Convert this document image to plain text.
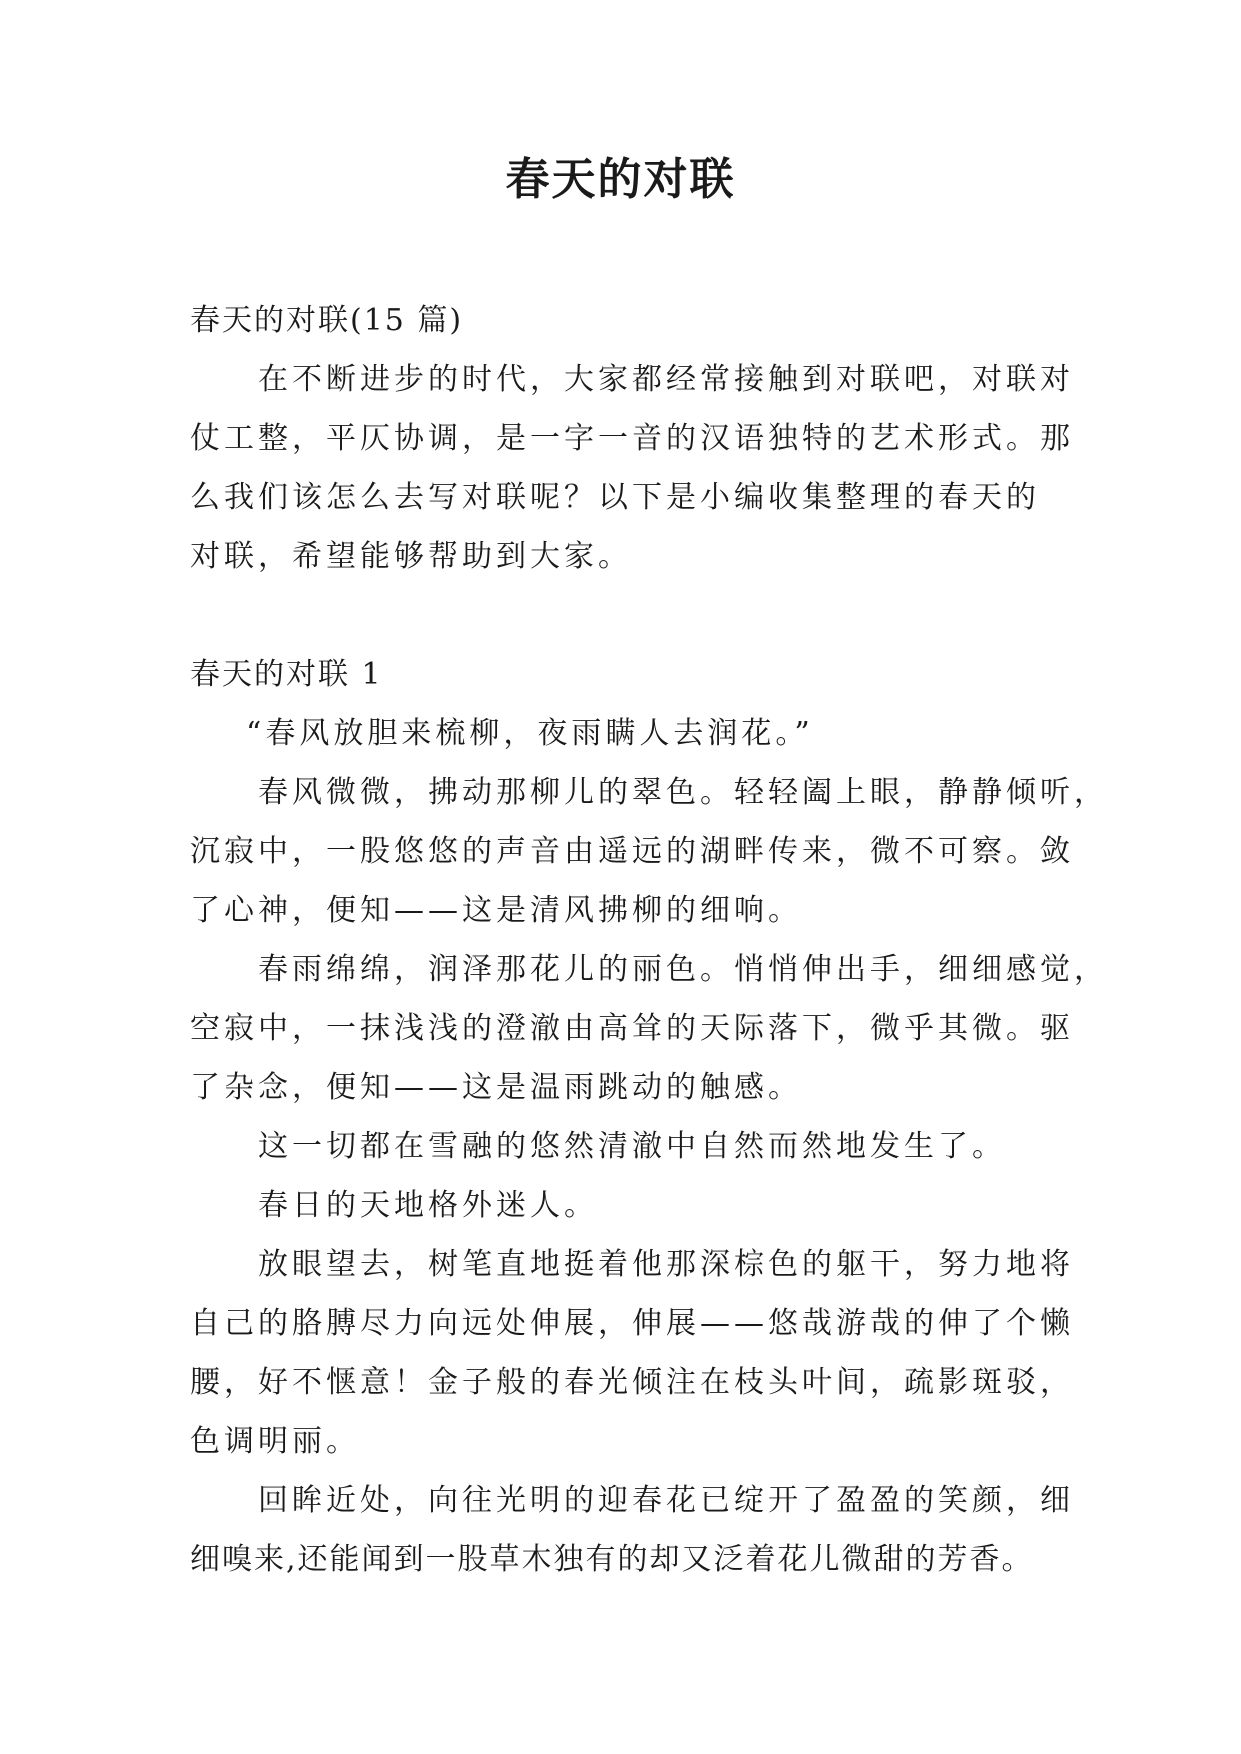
春天的对联
春天的对联(15 篇)
在不断进步的时代，大家都经常接触到对联吧，对联对
仗工整，平仄协调，是一字一音的汉语独特的艺术形式。那
么我们该怎么去写对联呢？以下是小编收集整理的春天的
对联，希望能够帮助到大家。
春天的对联 1
“春风放胆来梳柳，夜雨瞒人去润花。”
春风微微，拂动那柳儿的翠色。轻轻阖上眼，静静倾听，
沉寂中，一股悠悠的声音由遥远的湖畔传来，微不可察。敛
了心神，便知——这是清风拂柳的细响。
春雨绵绵，润泽那花儿的丽色。悄悄伸出手，细细感觉，
空寂中，一抹浅浅的澄澈由高耸的天际落下，微乎其微。驱
了杂念，便知——这是温雨跳动的触感。
这一切都在雪融的悠然清澈中自然而然地发生了。
春日的天地格外迷人。
放眼望去，树笔直地挺着他那深棕色的躯干，努力地将
自己的胳膊尽力向远处伸展，伸展——悠哉游哉的伸了个懒
腰，好不惬意！金子般的春光倾注在枝头叶间，疏影斑驳，
色调明丽。
回眸近处，向往光明的迎春花已绽开了盈盈的笑颜，细
细嗅来,还能闻到一股草木独有的却又泛着花儿微甜的芳香。
